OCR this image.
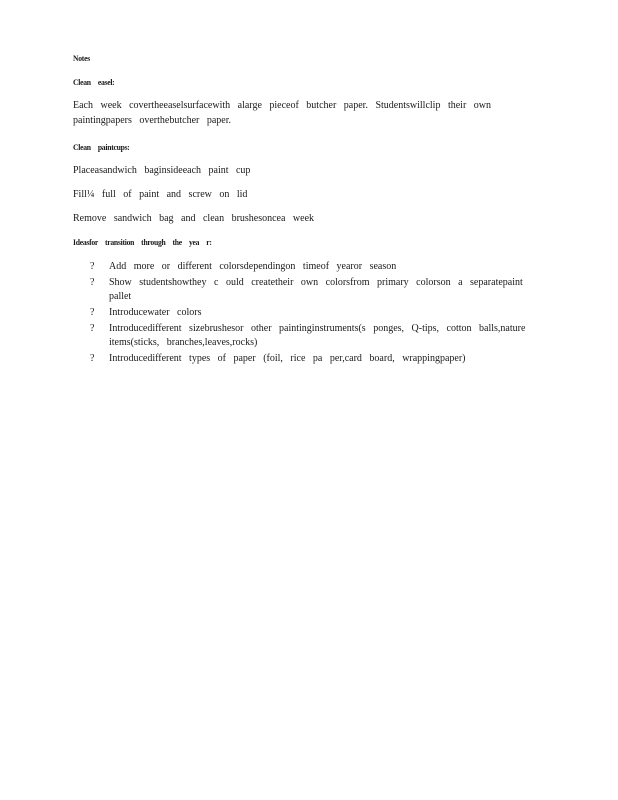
Notes
Clean easel:
Each week covertheeaselsurfacewith alarge pieceof butcher paper. Studentswillclip their own paintingpapers overthebutcher paper.
Clean paintcups:
Placeasandwich baginsideeach paint cup
Fill¼ full of paint and screw on lid
Remove sandwich bag and clean brushesoncea week
Ideasfor transition through the yea r:
? Add more or different colorsdependingon timeof yearor season
? Show studentshowthey c ould createtheir own colorsfrom primary colorson a separatepaint pallet
? Introducewater colors
? Introducedifferent sizebrushesor other paintinginstruments(s ponges, Q-tips, cotton balls,nature items(sticks, branches,leaves,rocks)
? Introducedifferent types of paper (foil, rice pa per,card board, wrappingpaper)
